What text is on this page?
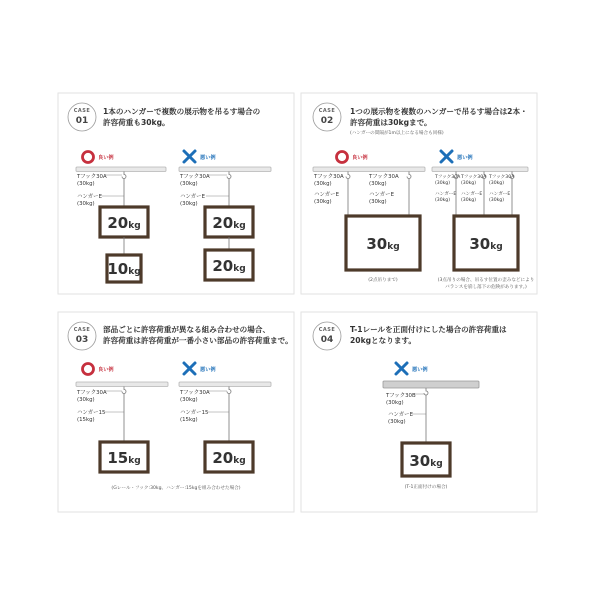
CASE
01
1本のハンガーで複数の展示物を吊るす場合の
許容荷重も30kg。
良い例
Tフック30A
(30kg)
ハンガーE
(30kg)
20kg
10kg
悪い例
Tフック30A
(30kg)
ハンガーE
(30kg)
20kg
20kg
CASE
02
1つの展示物を複数のハンガーで吊るす場合は2本・
許容荷重は30kgまで。
(ハンガーの間隔が1m以上になる場合も同様)
良い例
Tフック30A
(30kg)
ハンガーE
(30kg)
Tフック30A
(30kg)
ハンガーE
(30kg)
30kg
(2点吊りまで)
悪い例
Tフック30A
(30kg)
Tフック30A
(30kg)
Tフック30A
(30kg)
ハンガーE
(30kg)
ハンガーE
(30kg)
ハンガーE
(30kg)
30kg
(3点吊りの場合、吊るす位置の歪みなどにより
バランスを崩し落下の危険があります。)
CASE
03
部品ごとに許容荷重が異なる組み合わせの場合、
許容荷重は許容荷重が一番小さい部品の許容荷重まで。
良い例
Tフック30A
(30kg)
ハンガー15
(15kg)
15kg
悪い例
Tフック30A
(30kg)
ハンガー15
(15kg)
20kg
(Gレール・フック:30kg、ハンガー:15kgを組み合わせた場合)
CASE
04
T-1レールを正面付けにした場合の許容荷重は
20kgとなります。
悪い例
Tフック30B
(30kg)
ハンガーE
(30kg)
30kg
(T-1正面付けの場合)
